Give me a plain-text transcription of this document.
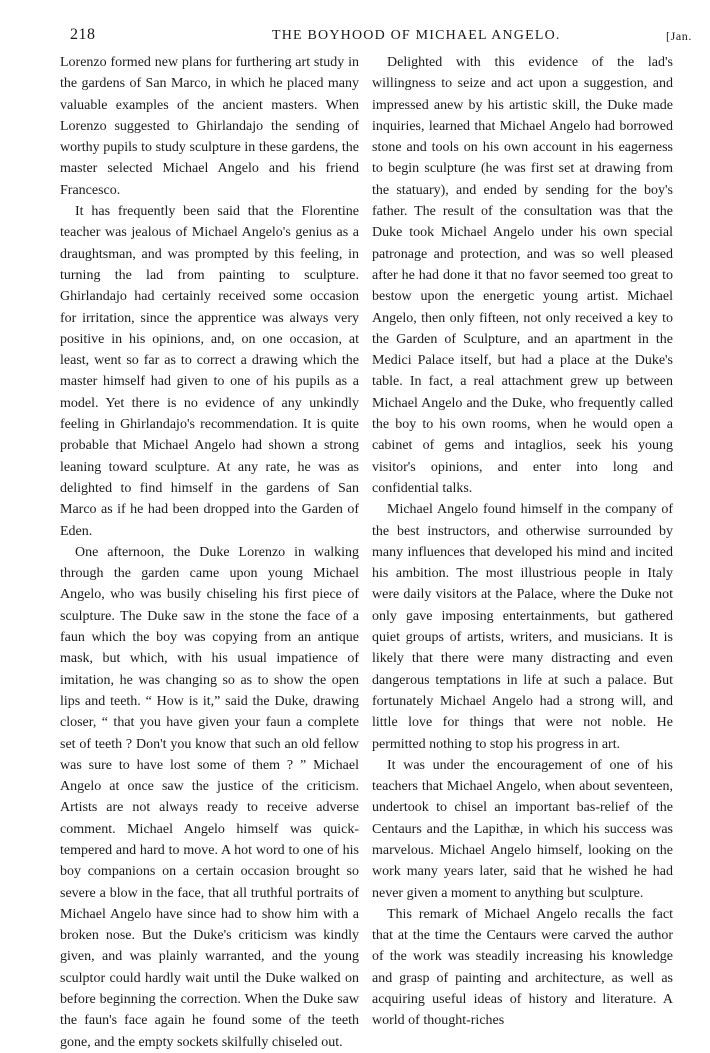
218	THE BOYHOOD OF MICHAEL ANGELO.	[Jan.

Lorenzo formed new plans for furthering art study in the gardens of San Marco, in which he placed many valuable examples of the ancient masters. When Lorenzo suggested to Ghirlandajo the sending of worthy pupils to study sculpture in these gardens, the master selected Michael Angelo and his friend Francesco.

It has frequently been said that the Florentine teacher was jealous of Michael Angelo's genius as a draughtsman, and was prompted by this feeling, in turning the lad from painting to sculpture. Ghirlandajo had certainly received some occasion for irritation, since the apprentice was always very positive in his opinions, and, on one occasion, at least, went so far as to correct a drawing which the master himself had given to one of his pupils as a model. Yet there is no evidence of any unkindly feeling in Ghirlandajo's recommendation. It is quite probable that Michael Angelo had shown a strong leaning toward sculpture. At any rate, he was as delighted to find himself in the gardens of San Marco as if he had been dropped into the Garden of Eden.

One afternoon, the Duke Lorenzo in walking through the garden came upon young Michael Angelo, who was busily chiseling his first piece of sculpture. The Duke saw in the stone the face of a faun which the boy was copying from an antique mask, but which, with his usual impatience of imitation, he was changing so as to show the open lips and teeth. “ How is it,” said the Duke, drawing closer, “ that you have given your faun a complete set of teeth ? Don't you know that such an old fellow was sure to have lost some of them ? ” Michael Angelo at once saw the justice of the criticism. Artists are not always ready to receive adverse comment. Michael Angelo himself was quick-tempered and hard to move. A hot word to one of his boy companions on a certain occasion brought so severe a blow in the face, that all truthful portraits of Michael Angelo have since had to show him with a broken nose. But the Duke's criticism was kindly given, and was plainly warranted, and the young sculptor could hardly wait until the Duke walked on before beginning the correction. When the Duke saw the faun's face again he found some of the teeth gone, and the empty sockets skilfully chiseled out.

Delighted with this evidence of the lad's willingness to seize and act upon a suggestion, and impressed anew by his artistic skill, the Duke made inquiries, learned that Michael Angelo had borrowed stone and tools on his own account in his eagerness to begin sculpture (he was first set at drawing from the statuary), and ended by sending for the boy's father. The result of the consultation was that the Duke took Michael Angelo under his own special patronage and protection, and was so well pleased after he had done it that no favor seemed too great to bestow upon the energetic young artist. Michael Angelo, then only fifteen, not only received a key to the Garden of Sculpture, and an apartment in the Medici Palace itself, but had a place at the Duke's table. In fact, a real attachment grew up between Michael Angelo and the Duke, who frequently called the boy to his own rooms, when he would open a cabinet of gems and intaglios, seek his young visitor's opinions, and enter into long and confidential talks.

Michael Angelo found himself in the company of the best instructors, and otherwise surrounded by many influences that developed his mind and incited his ambition. The most illustrious people in Italy were daily visitors at the Palace, where the Duke not only gave imposing entertainments, but gathered quiet groups of artists, writers, and musicians. It is likely that there were many distracting and even dangerous temptations in life at such a palace. But fortunately Michael Angelo had a strong will, and little love for things that were not noble. He permitted nothing to stop his progress in art.

It was under the encouragement of one of his teachers that Michael Angelo, when about seventeen, undertook to chisel an important bas-relief of the Centaurs and the Lapithæ, in which his success was marvelous. Michael Angelo himself, looking on the work many years later, said that he wished he had never given a moment to anything but sculpture.

This remark of Michael Angelo recalls the fact that at the time the Centaurs were carved the author of the work was steadily increasing his knowledge and grasp of painting and architecture, as well as acquiring useful ideas of history and literature. A world of thought-riches
